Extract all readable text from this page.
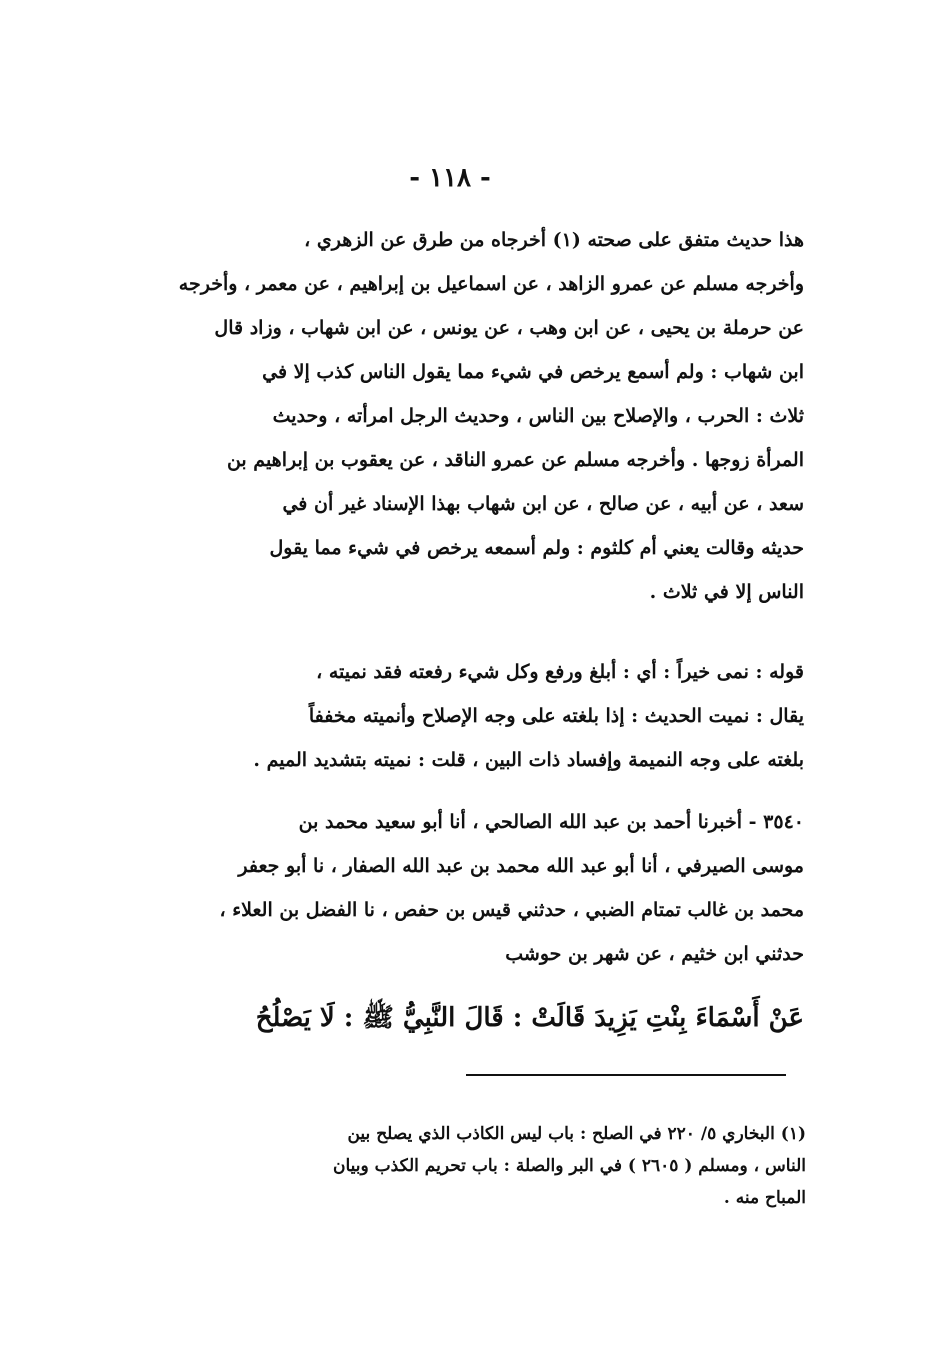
- ١١٨ -
هذا حديث متفق على صحته (١) أخرجاه من طرق عن الزهري ،
وأخرجه مسلم عن عمرو الزاهد ، عن اسماعيل بن إبراهيم ، عن معمر ، وأخرجه
عن حرملة بن يحيى ، عن ابن وهب ، عن يونس ، عن ابن شهاب ، وزاد قال
ابن شهاب : ولم أسمع يرخص في شيء مما يقول الناس كذب إلا في
ثلاث : الحرب ، والإصلاح بين الناس ، وحديث الرجل امرأته ، وحديث
المرأة زوجها . وأخرجه مسلم عن عمرو الناقد ، عن يعقوب بن إبراهيم بن
سعد ، عن أبيه ، عن صالح ، عن ابن شهاب بهذا الإسناد غير أن في
حديثه وقالت يعني أم كلثوم : ولم أسمعه يرخص في شيء مما يقول
الناس إلا في ثلاث .
قوله : نمى خيراً : أي : أبلغ ورفع وكل شيء رفعته فقد نميته ،
يقال : نميت الحديث : إذا بلغته على وجه الإصلاح وأنميته مخففاً
بلغته على وجه النميمة وإفساد ذات البين ، قلت : نميته بتشديد الميم .
٣٥٤٠ - أخبرنا أحمد بن عبد الله الصالحي ، أنا أبو سعيد محمد بن
موسى الصيرفي ، أنا أبو عبد الله محمد بن عبد الله الصفار ، نا أبو جعفر
محمد بن غالب تمتام الضبي ، حدثني قيس بن حفص ، نا الفضل بن العلاء ،
حدثني ابن خثيم ، عن شهر بن حوشب
عَنْ أَسْمَاءَ بِنْتِ يَزِيدَ قَالَتْ : قَالَ النَّبِيُّ ﷺ : لَا يَصْلُحُ
(١) البخاري ٥/ ٢٢٠ في الصلح : باب ليس الكاذب الذي يصلح بين
الناس ، ومسلم ( ٢٦٠٥ ) في البر والصلة : باب تحريم الكذب وبيان
المباح منه .
